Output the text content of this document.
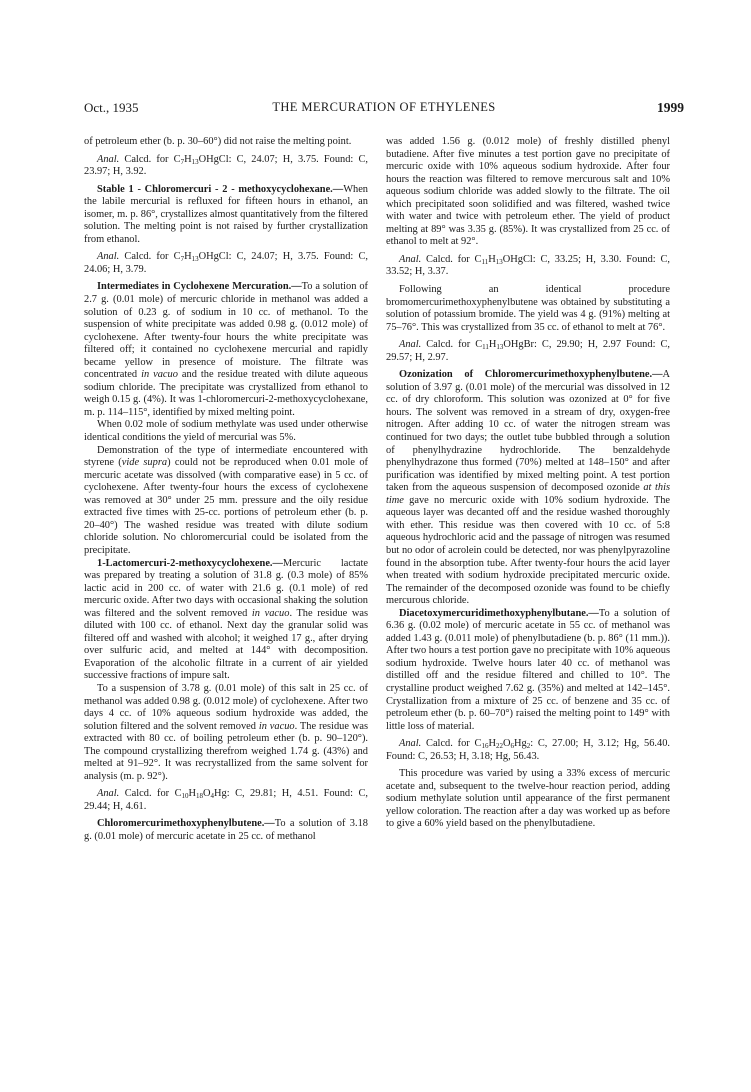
Oct., 1935	THE MERCURATION OF ETHYLENES	1999

of petroleum ether (b. p. 30–60°) did not raise the melting point.

Anal. Calcd. for $C_7H_{13}OHgCl$: C, 24.07; H, 3.75. Found: C, 23.97; H, 3.92.

Stable 1 - Chloromercuri - 2 - methoxycyclohexane.—When the labile mercurial is refluxed for fifteen hours in ethanol, an isomer, m. p. 86°, crystallizes almost quantitatively from the filtered solution. The melting point is not raised by further crystallization from ethanol.

Anal. Calcd. for $C_7H_{13}OHgCl$: C, 24.07; H, 3.75. Found: C, 24.06; H, 3.79.

Intermediates in Cyclohexene Mercuration.—To a solution of 2.7 g. (0.01 mole) of mercuric chloride in methanol was added a solution of 0.23 g. of sodium in 10 cc. of methanol. To the suspension of white precipitate was added 0.98 g. (0.012 mole) of cyclohexene. After twenty-four hours the white precipitate was filtered off; it contained no cyclohexene mercurial and rapidly became yellow in presence of moisture. The filtrate was concentrated in vacuo and the residue treated with dilute aqueous sodium chloride. The precipitate was crystallized from ethanol to weigh 0.15 g. (4%). It was 1-chloromercuri-2-methoxycyclohexane, m. p. 114–115°, identified by mixed melting point.

When 0.02 mole of sodium methylate was used under otherwise identical conditions the yield of mercurial was 5%.

Demonstration of the type of intermediate encountered with styrene (vide supra) could not be reproduced when 0.01 mole of mercuric acetate was dissolved (with comparative ease) in 5 cc. of cyclohexene. After twenty-four hours the excess of cyclohexene was removed at 30° under 25 mm. pressure and the oily residue extracted five times with 25-cc. portions of petroleum ether (b. p. 20–40°) The washed residue was treated with dilute sodium chloride solution. No chloromercurial could be isolated from the precipitate.

1-Lactomercuri-2-methoxycyclohexene.—Mercuric lactate was prepared by treating a solution of 31.8 g. (0.3 mole) of 85% lactic acid in 200 cc. of water with 21.6 g. (0.1 mole) of red mercuric oxide. After two days with occasional shaking the solution was filtered and the solvent removed in vacuo. The residue was diluted with 100 cc. of ethanol. Next day the granular solid was filtered off and washed with alcohol; it weighed 17 g., after drying over sulfuric acid, and melted at 144° with decomposition. Evaporation of the alcoholic filtrate in a current of air yielded successive fractions of impure salt.

To a suspension of 3.78 g. (0.01 mole) of this salt in 25 cc. of methanol was added 0.98 g. (0.012 mole) of cyclohexene. After two days 4 cc. of 10% aqueous sodium hydroxide was added, the solution filtered and the solvent removed in vacuo. The residue was extracted with 80 cc. of boiling petroleum ether (b. p. 90–120°). The compound crystallizing therefrom weighed 1.74 g. (43%) and melted at 91–92°. It was recrystallized from the same solvent for analysis (m. p. 92°).

Anal. Calcd. for $C_{10}H_{18}O_4Hg$: C, 29.81; H, 4.51. Found: C, 29.44; H, 4.61.

Chloromercurimethoxyphenylbutene.—To a solution of 3.18 g. (0.01 mole) of mercuric acetate in 25 cc. of methanol

was added 1.56 g. (0.012 mole) of freshly distilled phenyl butadiene. After five minutes a test portion gave no precipitate of mercuric oxide with 10% aqueous sodium hydroxide. After four hours the reaction was filtered to remove mercurous salt and 10% aqueous sodium chloride was added slowly to the filtrate. The oil which precipitated soon solidified and was filtered, washed twice with water and twice with petroleum ether. The yield of product melting at 89° was 3.35 g. (85%). It was crystallized from 25 cc. of ethanol to melt at 92°.

Anal. Calcd. for $C_{11}H_{13}OHgCl$: C, 33.25; H, 3.30. Found: C, 33.52; H, 3.37.

Following an identical procedure bromomercurimethoxyphenylbutene was obtained by substituting a solution of potassium bromide. The yield was 4 g. (91%) melting at 75–76°. This was crystallized from 35 cc. of ethanol to melt at 76°.

Anal. Calcd. for $C_{11}H_{13}OHgBr$: C, 29.90; H, 2.97 Found: C, 29.57; H, 2.97.

Ozonization of Chloromercurimethoxyphenylbutene.—A solution of 3.97 g. (0.01 mole) of the mercurial was dissolved in 12 cc. of dry chloroform. This solution was ozonized at 0° for five hours. The solvent was removed in a stream of dry, oxygen-free nitrogen. After adding 10 cc. of water the nitrogen stream was continued for two days; the outlet tube bubbled through a solution of phenylhydrazine hydrochloride. The benzaldehyde phenylhydrazone thus formed (70%) melted at 148–150° and after purification was identified by mixed melting point. A test portion taken from the aqueous suspension of decomposed ozonide at this time gave no mercuric oxide with 10% sodium hydroxide. The aqueous layer was decanted off and the residue washed thoroughly with ether. This residue was then covered with 10 cc. of 5:8 aqueous hydrochloric acid and the passage of nitrogen was resumed but no odor of acrolein could be detected, nor was phenylpyrazoline found in the absorption tube. After twenty-four hours the acid layer when treated with sodium hydroxide precipitated mercuric oxide. The remainder of the decomposed ozonide was found to be chiefly mercurous chloride.

Diacetoxymercuridimethoxyphenylbutane.—To a solution of 6.36 g. (0.02 mole) of mercuric acetate in 55 cc. of methanol was added 1.43 g. (0.011 mole) of phenylbutadiene (b. p. 86° (11 mm.)). After two hours a test portion gave no precipitate with 10% aqueous sodium hydroxide. Twelve hours later 40 cc. of methanol was distilled off and the residue filtered and chilled to 10°. The crystalline product weighed 7.62 g. (35%) and melted at 142–145°. Crystallization from a mixture of 25 cc. of benzene and 35 cc. of petroleum ether (b. p. 60–70°) raised the melting point to 149° with little loss of material.

Anal. Calcd. for $C_{16}H_{22}O_6Hg_2$: C, 27.00; H, 3.12; Hg, 56.40. Found: C, 26.53; H, 3.18; Hg, 56.43.

This procedure was varied by using a 33% excess of mercuric acetate and, subsequent to the twelve-hour reaction period, adding sodium methylate solution until appearance of the first permanent yellow coloration. The reaction after a day was worked up as before to give a 60% yield based on the phenylbutadiene.
